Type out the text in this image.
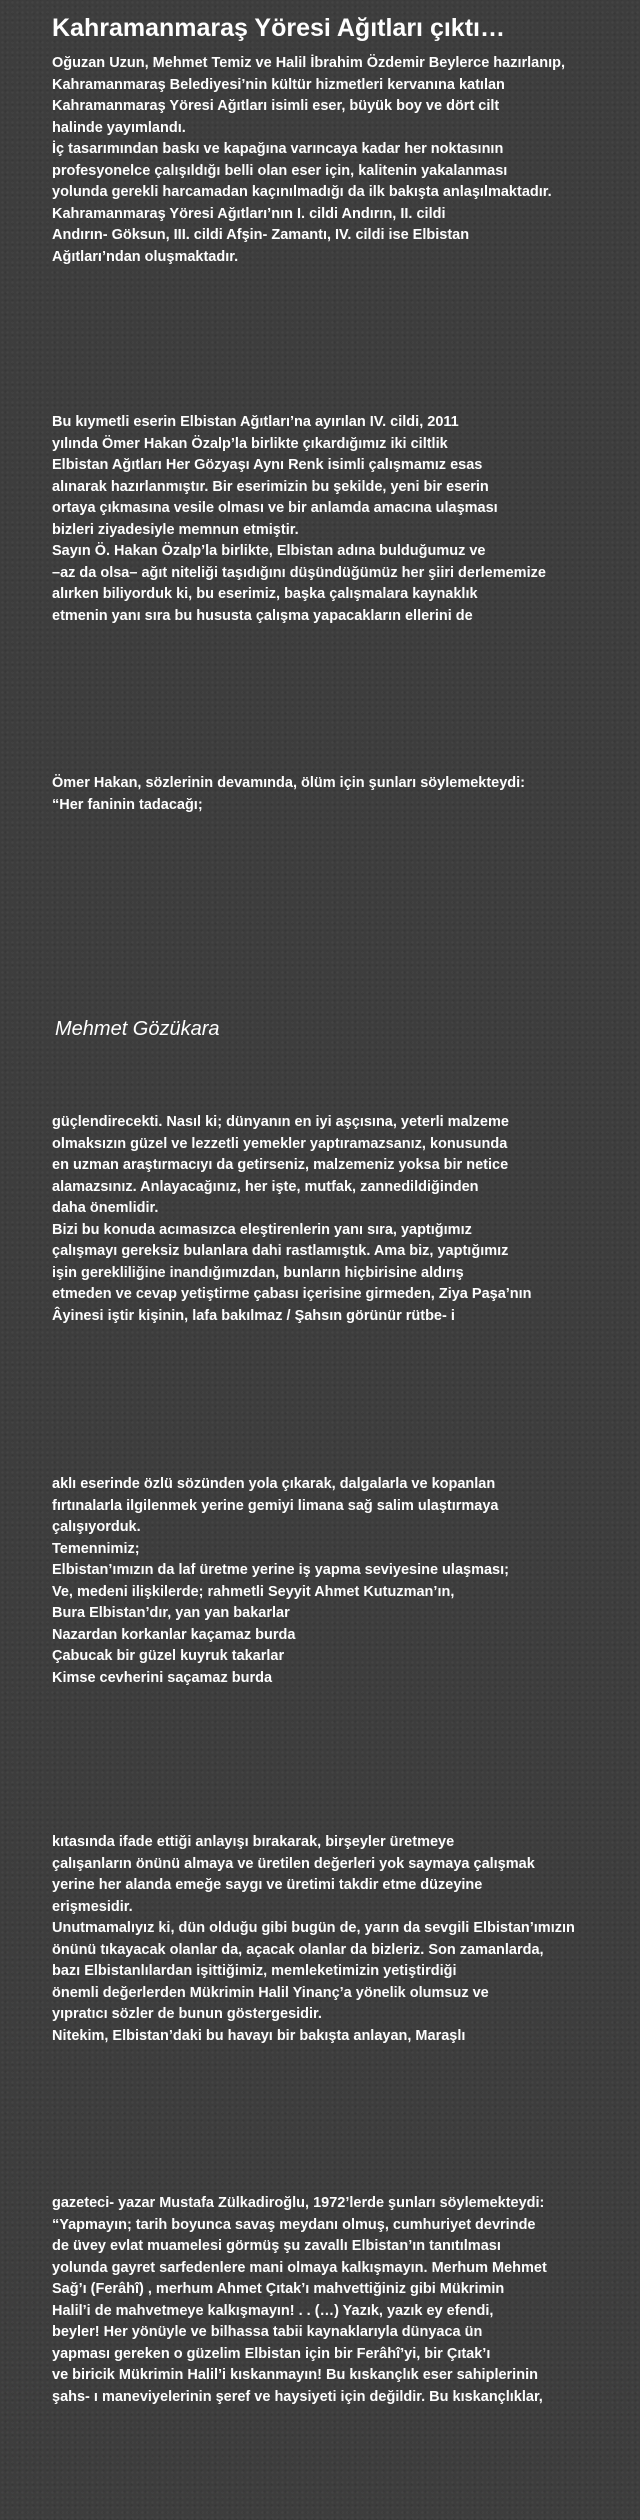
Kahramanmaraş Yöresi Ağıtları çıktı…
Oğuzan Uzun, Mehmet Temiz ve Halil İbrahim Özdemir Beylerce hazırlanıp,
Kahramanmaraş Belediyesi’nin kültür hizmetleri kervanına katılan
Kahramanmaraş Yöresi Ağıtları isimli eser, büyük boy ve dört cilt
halinde yayımlandı.
İç tasarımından baskı ve kapağına varıncaya kadar her noktasının
profesyonelce çalışıldığı belli olan eser için, kalitenin yakalanması
yolunda gerekli harcamadan kaçınılmadığı da ilk bakışta anlaşılmaktadır.
Kahramanmaraş Yöresi Ağıtları’nın I. cildi Andırın, II. cildi
Andırın- Göksun, III. cildi Afşin- Zamantı, IV. cildi ise Elbistan
Ağıtları’ndan oluşmaktadır.
Bu kıymetli eserin Elbistan Ağıtları’na ayırılan IV. cildi, 2011
yılında Ömer Hakan Özalp’la birlikte çıkardığımız iki ciltlik
Elbistan Ağıtları Her Gözyaşı Aynı Renk isimli çalışmamız esas
alınarak hazırlanmıştır. Bir eserimizin bu şekilde, yeni bir eserin
ortaya çıkmasına vesile olması ve bir anlamda amacına ulaşması
bizleri ziyadesiyle memnun etmiştir.
Sayın Ö. Hakan Özalp’la birlikte, Elbistan adına bulduğumuz ve
–az da olsa– ağıt niteliği taşıdığını düşündüğümüz her şiiri derlememize
alırken biliyorduk ki, bu eserimiz, başka çalışmalara kaynaklık
etmenin yanı sıra bu hususta çalışma yapacakların ellerini de
Ömer Hakan, sözlerinin devamında, ölüm için şunları söylemekteydi:
“Her faninin tadacağı;
Mehmet Gözükara
güçlendirecekti. Nasıl ki; dünyanın en iyi aşçısına, yeterli malzeme
olmaksızın güzel ve lezzetli yemekler yaptıramazsanız, konusunda
en uzman araştırmacıyı da getirseniz, malzemeniz yoksa bir netice
alamazsınız. Anlayacağınız, her işte, mutfak, zannedildiğinden
daha önemlidir.
Bizi bu konuda acımasızca eleştirenlerin yanı sıra, yaptığımız
çalışmayı gereksiz bulanlara dahi rastlamıştık. Ama biz, yaptığımız
işin gerekliliğine inandığımızdan, bunların hiçbirisine aldırış
etmeden ve cevap yetiştirme çabası içerisine girmeden, Ziya Paşa’nın
Âyinesi iştir kişinin, lafa bakılmaz / Şahsın görünür rütbe- i
aklı eserinde özlü sözünden yola çıkarak, dalgalarla ve kopanlan
fırtınalarla ilgilenmek yerine gemiyi limana sağ salim ulaştırmaya
çalışıyorduk.
Temennimiz;
Elbistan’ımızın da laf üretme yerine iş yapma seviyesine ulaşması;
Ve, medeni ilişkilerde; rahmetli Seyyit Ahmet Kutuzman’ın,
Bura Elbistan’dır, yan yan bakarlar
Nazardan korkanlar kaçamaz burda
Çabucak bir güzel kuyruk takarlar
Kimse cevherini saçamaz burda
kıtasında ifade ettiği anlayışı bırakarak, birşeyler üretmeye
çalışanların önünü almaya ve üretilen değerleri yok saymaya çalışmak
yerine her alanda emeğe saygı ve üretimi takdir etme düzeyine
erişmesidir.
Unutmamalıyız ki, dün olduğu gibi bugün de, yarın da sevgili Elbistan’ımızın
önünü tıkayacak olanlar da, açacak olanlar da bizleriz. Son zamanlarda,
bazı Elbistanlılardan işittiğimiz, memleketimizin yetiştirdiği
önemli değerlerden Mükrimin Halil Yinanç’a yönelik olumsuz ve
yıpratıcı sözler de bunun göstergesidir.
Nitekim, Elbistan’daki bu havayı bir bakışta anlayan, Maraşlı
gazeteci- yazar Mustafa Zülkadiroğlu, 1972’lerde şunları söylemekteydi:
“Yapmayın; tarih boyunca savaş meydanı olmuş, cumhuriyet devrinde
de üvey evlat muamelesi görmüş şu zavallı Elbistan’ın tanıtılması
yolunda gayret sarfedenlere mani olmaya kalkışmayın. Merhum Mehmet
Sağ’ı (Ferâhî) , merhum Ahmet Çıtak’ı mahvettiğiniz gibi Mükrimin
Halil’i de mahvetmeye kalkışmayın! . . (…) Yazık, yazık ey efendi,
beyler! Her yönüyle ve bilhassa tabii kaynaklarıyla dünyaca ün
yapması gereken o güzelim Elbistan için bir Ferâhî’yi, bir Çıtak’ı
ve biricik Mükrimin Halil’i kıskanmayın! Bu kıskançlık eser sahiplerinin
şahs- ı maneviyelerinin şeref ve haysiyeti için değildir. Bu kıskançlıklar,
